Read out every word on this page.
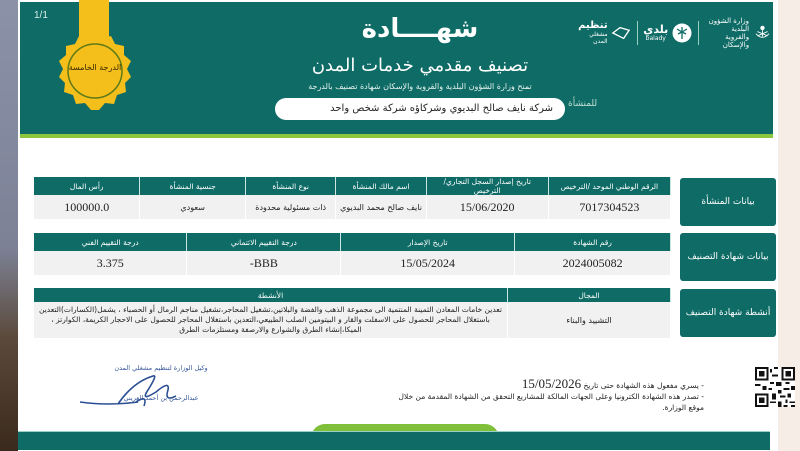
1/1
الدرجة الخامسة
شهــــادة
تصنيف مقدمي خدمات المدن
تمنح وزارة الشؤون البلدية والقروية والإسكان شهادة تصنيف بالدرجة
شركة نايف صالح البديوي وشركاؤه شركة شخص واحد	للمنشأة
تنظيم
مشغلي المدن
بلدي
balady
وزارة الشؤون البلدية
والقروية والإسكان
بيانات المنشأة
الرقم الوطني الموحد /الترخيص	تاريخ إصدار السجل التجاري/ الترخيص	اسم مالك المنشأة	نوع المنشأة	جنسية المنشأة	رأس المال
7017304523	15/06/2020	نايف صالح محمد البديوي	ذات مسئولية محدودة	سعودي	100000.0
بيانات شهادة التصنيف
رقم الشهادة	تاريخ الإصدار	درجة التقييم الائتماني	درجة التقييم الفني
2024005082	15/05/2024	BBB-	3.375
أنشطة شهادة التصنيف
المجال	الأنشطة
التشييد والبناء	تعدين خامات المعادن الثمينة المنتمية الى مجموعة الذهب والفضة والبلاتين،تشغيل المحاجر،تشغيل مناجم الرمال أو الحصباء ، يشمل(الكسارات)التعدين باستغلال المحاجر للحصول على الاسفلت والقار و البيتومين الصلب الطبيعي،التعدين باستغلال المحاجر للحصول على الاحجار الكريمة، الكوارتز ، الميكا،إنشاء الطرق والشوارع والارصفة ومستلزمات الطرق
وكيل الوزارة لتنظيم مشغلي المدن
عبدالرحمن بن أحمد العريني
- يسري مفعول هذه الشهادة حتى تاريخ 15/05/2026
- تصدر هذه الشهادة الكترونيا وعلى الجهات المالكة للمشاريع التحقق من الشهادة المقدمة من خلال موقع الوزارة.
